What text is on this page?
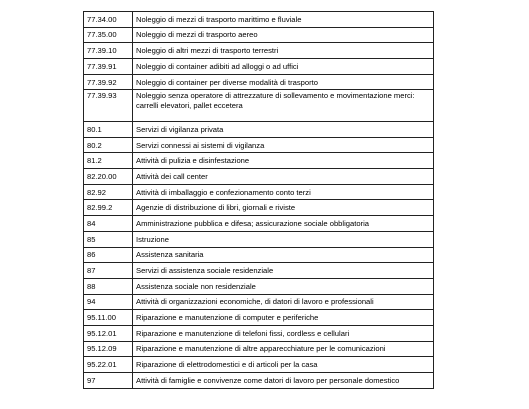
77.34.00	Noleggio di mezzi di trasporto marittimo e fluviale
77.35.00	Noleggio di mezzi di trasporto aereo
77.39.10	Noleggio di altri mezzi di trasporto terrestri
77.39.91	Noleggio di container adibiti ad alloggi o ad uffici
77.39.92	Noleggio di container per diverse modalità di trasporto
77.39.93	Noleggio senza operatore di attrezzature di sollevamento e movimentazione merci: carrelli elevatori, pallet eccetera
80.1	Servizi di vigilanza privata
80.2	Servizi connessi ai sistemi di vigilanza
81.2	Attività di pulizia e disinfestazione
82.20.00	Attività dei call center
82.92	Attività di imballaggio e confezionamento conto terzi
82.99.2	Agenzie di distribuzione di libri, giornali e riviste
84	Amministrazione pubblica e difesa; assicurazione sociale obbligatoria
85	Istruzione
86	Assistenza sanitaria
87	Servizi di assistenza sociale residenziale
88	Assistenza sociale non residenziale
94	Attività di organizzazioni economiche, di datori di lavoro e professionali
95.11.00	Riparazione e manutenzione di computer e periferiche
95.12.01	Riparazione e manutenzione di telefoni fissi, cordless e cellulari
95.12.09	Riparazione e manutenzione di altre apparecchiature per le comunicazioni
95.22.01	Riparazione di elettrodomestici e di articoli per la casa
97	Attività di famiglie e convivenze come datori di lavoro per personale domestico
